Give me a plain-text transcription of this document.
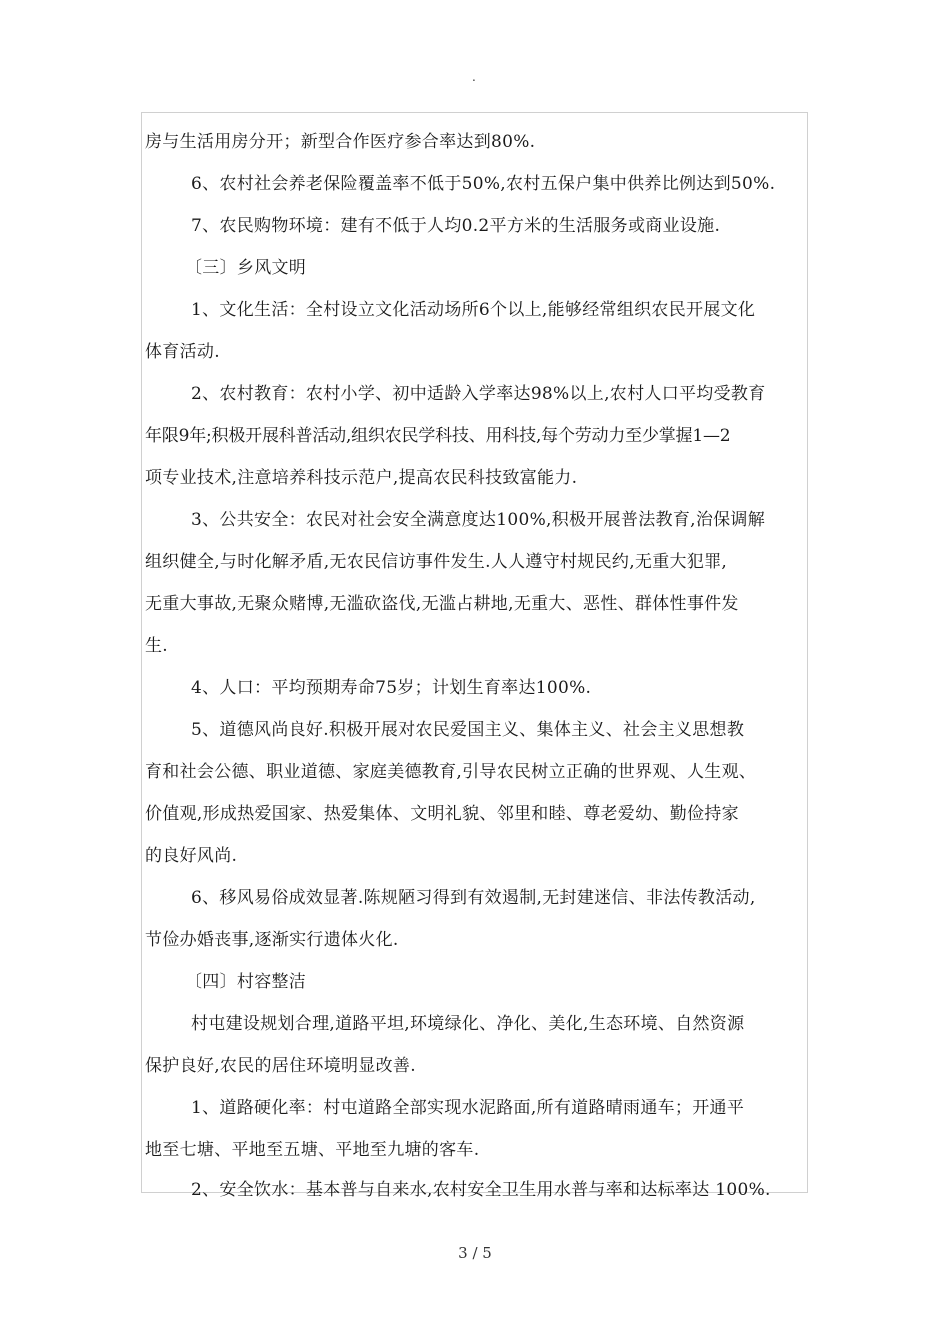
.
房与生活用房分开；新型合作医疗参合率达到80%.
6、农村社会养老保险覆盖率不低于50%,农村五保户集中供养比例达到50%.
7、农民购物环境：建有不低于人均0.2平方米的生活服务或商业设施.
〔三〕乡风文明
1、文化生活：全村设立文化活动场所6个以上,能够经常组织农民开展文化
体育活动.
2、农村教育：农村小学、初中适龄入学率达98%以上,农村人口平均受教育
年限9年;积极开展科普活动,组织农民学科技、用科技,每个劳动力至少掌握1—2
项专业技术,注意培养科技示范户,提高农民科技致富能力.
3、公共安全：农民对社会安全满意度达100%,积极开展普法教育,治保调解
组织健全,与时化解矛盾,无农民信访事件发生.人人遵守村规民约,无重大犯罪,
无重大事故,无聚众赌博,无滥砍盗伐,无滥占耕地,无重大、恶性、群体性事件发
生.
4、人口：平均预期寿命75岁；计划生育率达100%.
5、道德风尚良好.积极开展对农民爱国主义、集体主义、社会主义思想教
育和社会公德、职业道德、家庭美德教育,引导农民树立正确的世界观、人生观、
价值观,形成热爱国家、热爱集体、文明礼貌、邻里和睦、尊老爱幼、勤俭持家
的良好风尚.
6、移风易俗成效显著.陈规陋习得到有效遏制,无封建迷信、非法传教活动,
节俭办婚丧事,逐渐实行遗体火化.
〔四〕村容整洁
村屯建设规划合理,道路平坦,环境绿化、净化、美化,生态环境、自然资源
保护良好,农民的居住环境明显改善.
1、道路硬化率：村屯道路全部实现水泥路面,所有道路晴雨通车；开通平
地至七塘、平地至五塘、平地至九塘的客车.
2、安全饮水：基本普与自来水,农村安全卫生用水普与率和达标率达 100%.
3 / 5
